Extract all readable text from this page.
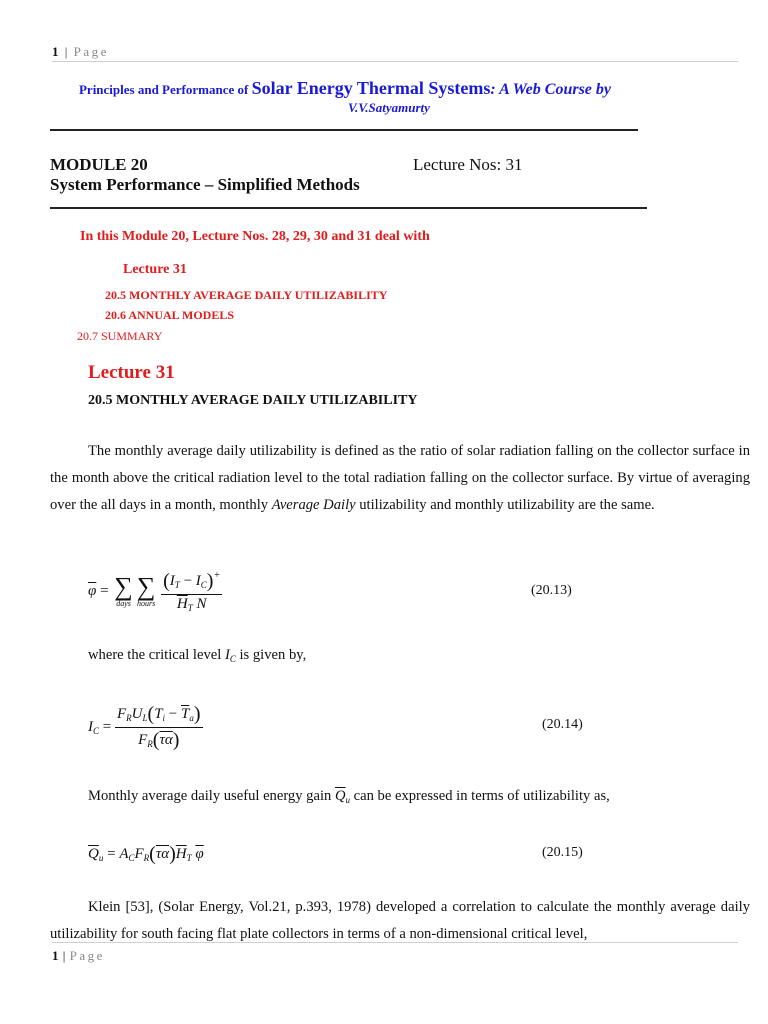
1 | Page
Principles and Performance of Solar Energy Thermal Systems: A Web Course by
V.V.Satyamurty
MODULE 20	Lecture Nos: 31
System Performance – Simplified Methods
In this Module 20, Lecture Nos. 28, 29, 30 and 31 deal with
Lecture 31
20.5 MONTHLY AVERAGE DAILY UTILIZABILITY
20.6 ANNUAL MODELS
20.7 SUMMARY
Lecture 31
20.5 MONTHLY AVERAGE DAILY UTILIZABILITY
The monthly average daily utilizability is defined as the ratio of solar radiation falling on the collector surface in the month above the critical radiation level to the total radiation falling on the collector surface. By virtue of averaging over the all days in a month, monthly Average Daily utilizability and monthly utilizability are the same.
$\overline{\varphi}$ = ∑
days
∑
hours
$\frac{(I_T - I_C)^+}{\overline{H}_T N}$	(20.13)
where the critical level $I_C$ is given by,
$I_C = \frac{F_RU_L(T_i - \overline{T}_a)}{F_R(\overline{\tau\alpha})}$	(20.14)
Monthly average daily useful energy gain $\overline{Q}_u$ can be expressed in terms of utilizability as,
$\overline{Q}_u = A_CF_R(\overline{\tau\alpha})\overline{H}_T$ $\overline{\varphi}$	(20.15)
Klein [53], (Solar Energy, Vol.21, p.393, 1978) developed a correlation to calculate the monthly average daily utilizability for south facing flat plate collectors in terms of a non-dimensional critical level,
1 | Page
